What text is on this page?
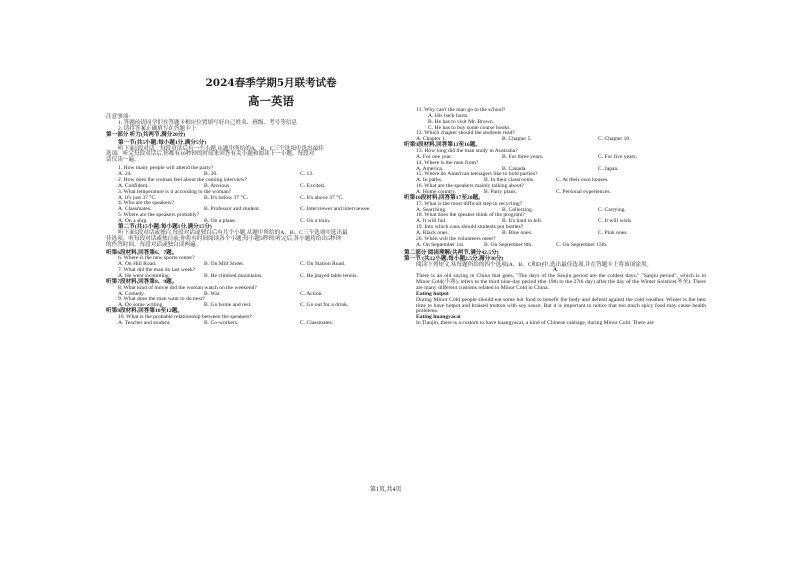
2024春季学期5月联考试卷
高一英语

注意事项:

1. 答题前请同学们在答题卡相应位置填写好自己姓名、班级、考号等信息

2. 请将答案正确填写在答题卡上

第一部分 听力(共两节,满分20分)

第一节(共5小题;每小题1分,满分5分)

听下面5段对话。每段对话后有一个小题,从题中所给的A、B、C三个选项中选出最佳

选项。听完每段对话后,你都有10秒钟的时间来回答有关小题和阅读下一小题。每段对

话仅读一遍。

1. How many people will attend the party?

A. 24.	B. 20.	C. 12.

2. How does the woman feel about the coming interview?

A. Confident.	B. Anxious.	C. Excited.

3. What temperature is it according to the woman?

A. It's just 37 °C.	B. It's below 37 °C.	C. It's above 37 °C.

4. Who are the speakers?

A. Classmates.	B. Professor and student.	C. Interviewer and interviewee.

5. Where are the speakers probably?

A. On a ship.	B. On a plane.	C. On a train.

第二节(共15小题;每小题1分,满分15分)

听下面5段对话或独白,每段对话或独白后有几个小题,从题中所给的A、B、C三个选项中选出最

佳选项。听每段对话或独白前,你将有时间阅读各个小题,每小题5秒钟;听完后,各小题将给出5秒钟

的作答时间。每段对话或独白读两遍。

听第6段材料,回答第6、7题。

6. Where is the new sports center?

A. On Hill Road.	B. On Mill Street.	C. On Station Road.

7. What did the man do last week?

A. He went swimming.	B. He climbed mountains.	C. He played table tennis.

听第7段材料,回答第8、9题。

8. What kind of movie did the woman watch on the weekend?

A. Comedy.	B. War.	C. Action.

9. What does the man want to do next?

A. Do some writing.	B. Go home and rest.	C. Go out for a drink.

听第8段材料,回答第10至12题。

10. What is the probable relationship between the speakers?

A. Teacher and student.	B. Co-workers.	C. Classmates.

11. Why can't the man go to the school?

A. His back hurts.

B. He has to visit Mr. Brown.

C. He has to buy some course books.

12. Which chapter should the students read?

A. Chapter 1.	B. Chapter 5.	C. Chapter 10.

听第9段材料,回答第13至16题。

13. How long did the man study in Australia?

A. For one year.	B. For three years.	C. For five years.

14. Where is the man from?

A. America.	B. Canada.	C. Japan.

15. Where do American teenagers like to hold parties?

A. In parks.	B. In their classrooms.	C. At their own houses.

16. What are the speakers mainly talking about?

A. Home country.	B. Party plans.	C. Personal experiences.

听第10段材料,回答第17至20题。

17. What is the most difficult step in recycling?

A. Searching.	B. Collecting.	C. Carrying.

18. What does the speaker think of the program?

A. It will fail.	B. It's hard to tell.	C. It will work.

19. Into which cans should students put bottles?

A. Black ones.	B. Blue ones.	C. Pink ones.

20. When will the volunteers meet?

A. On September 1st.	B. On September 8th.	C. On September 15th.

第二部分 阅读理解(共两节,满分42.5分)

第一节 (共12小题;每小题2.5分,满分30分)

阅读下列短文,从每题所给的四个选项(A、B、C和D)中,选出最佳选项,并在答题卡上将该项涂黑。

A

There is an old saying in China that goes, "The days of the Sanjiu period are the coldest days." "Sanjiu period", which is in Minor Cold(小寒), refers to the third nine-day period (the 19th to the 27th day) after the day of the Winter Solstice(冬至). There are many different customs related to Minor Cold in China.

Eating hotpot

During Minor Cold people should eat some hot food to benefit the body and defend against the cold weather. Winter is the best time to have hotpot and braised mutton with soy sauce. But it is important to notice that too much spicy food may cause health problems.

Eating huangyacai

In Tianjin, there is a custom to have huangyacai, a kind of Chinese cabbage, during Minor Cold. There are

第1页,共4页
